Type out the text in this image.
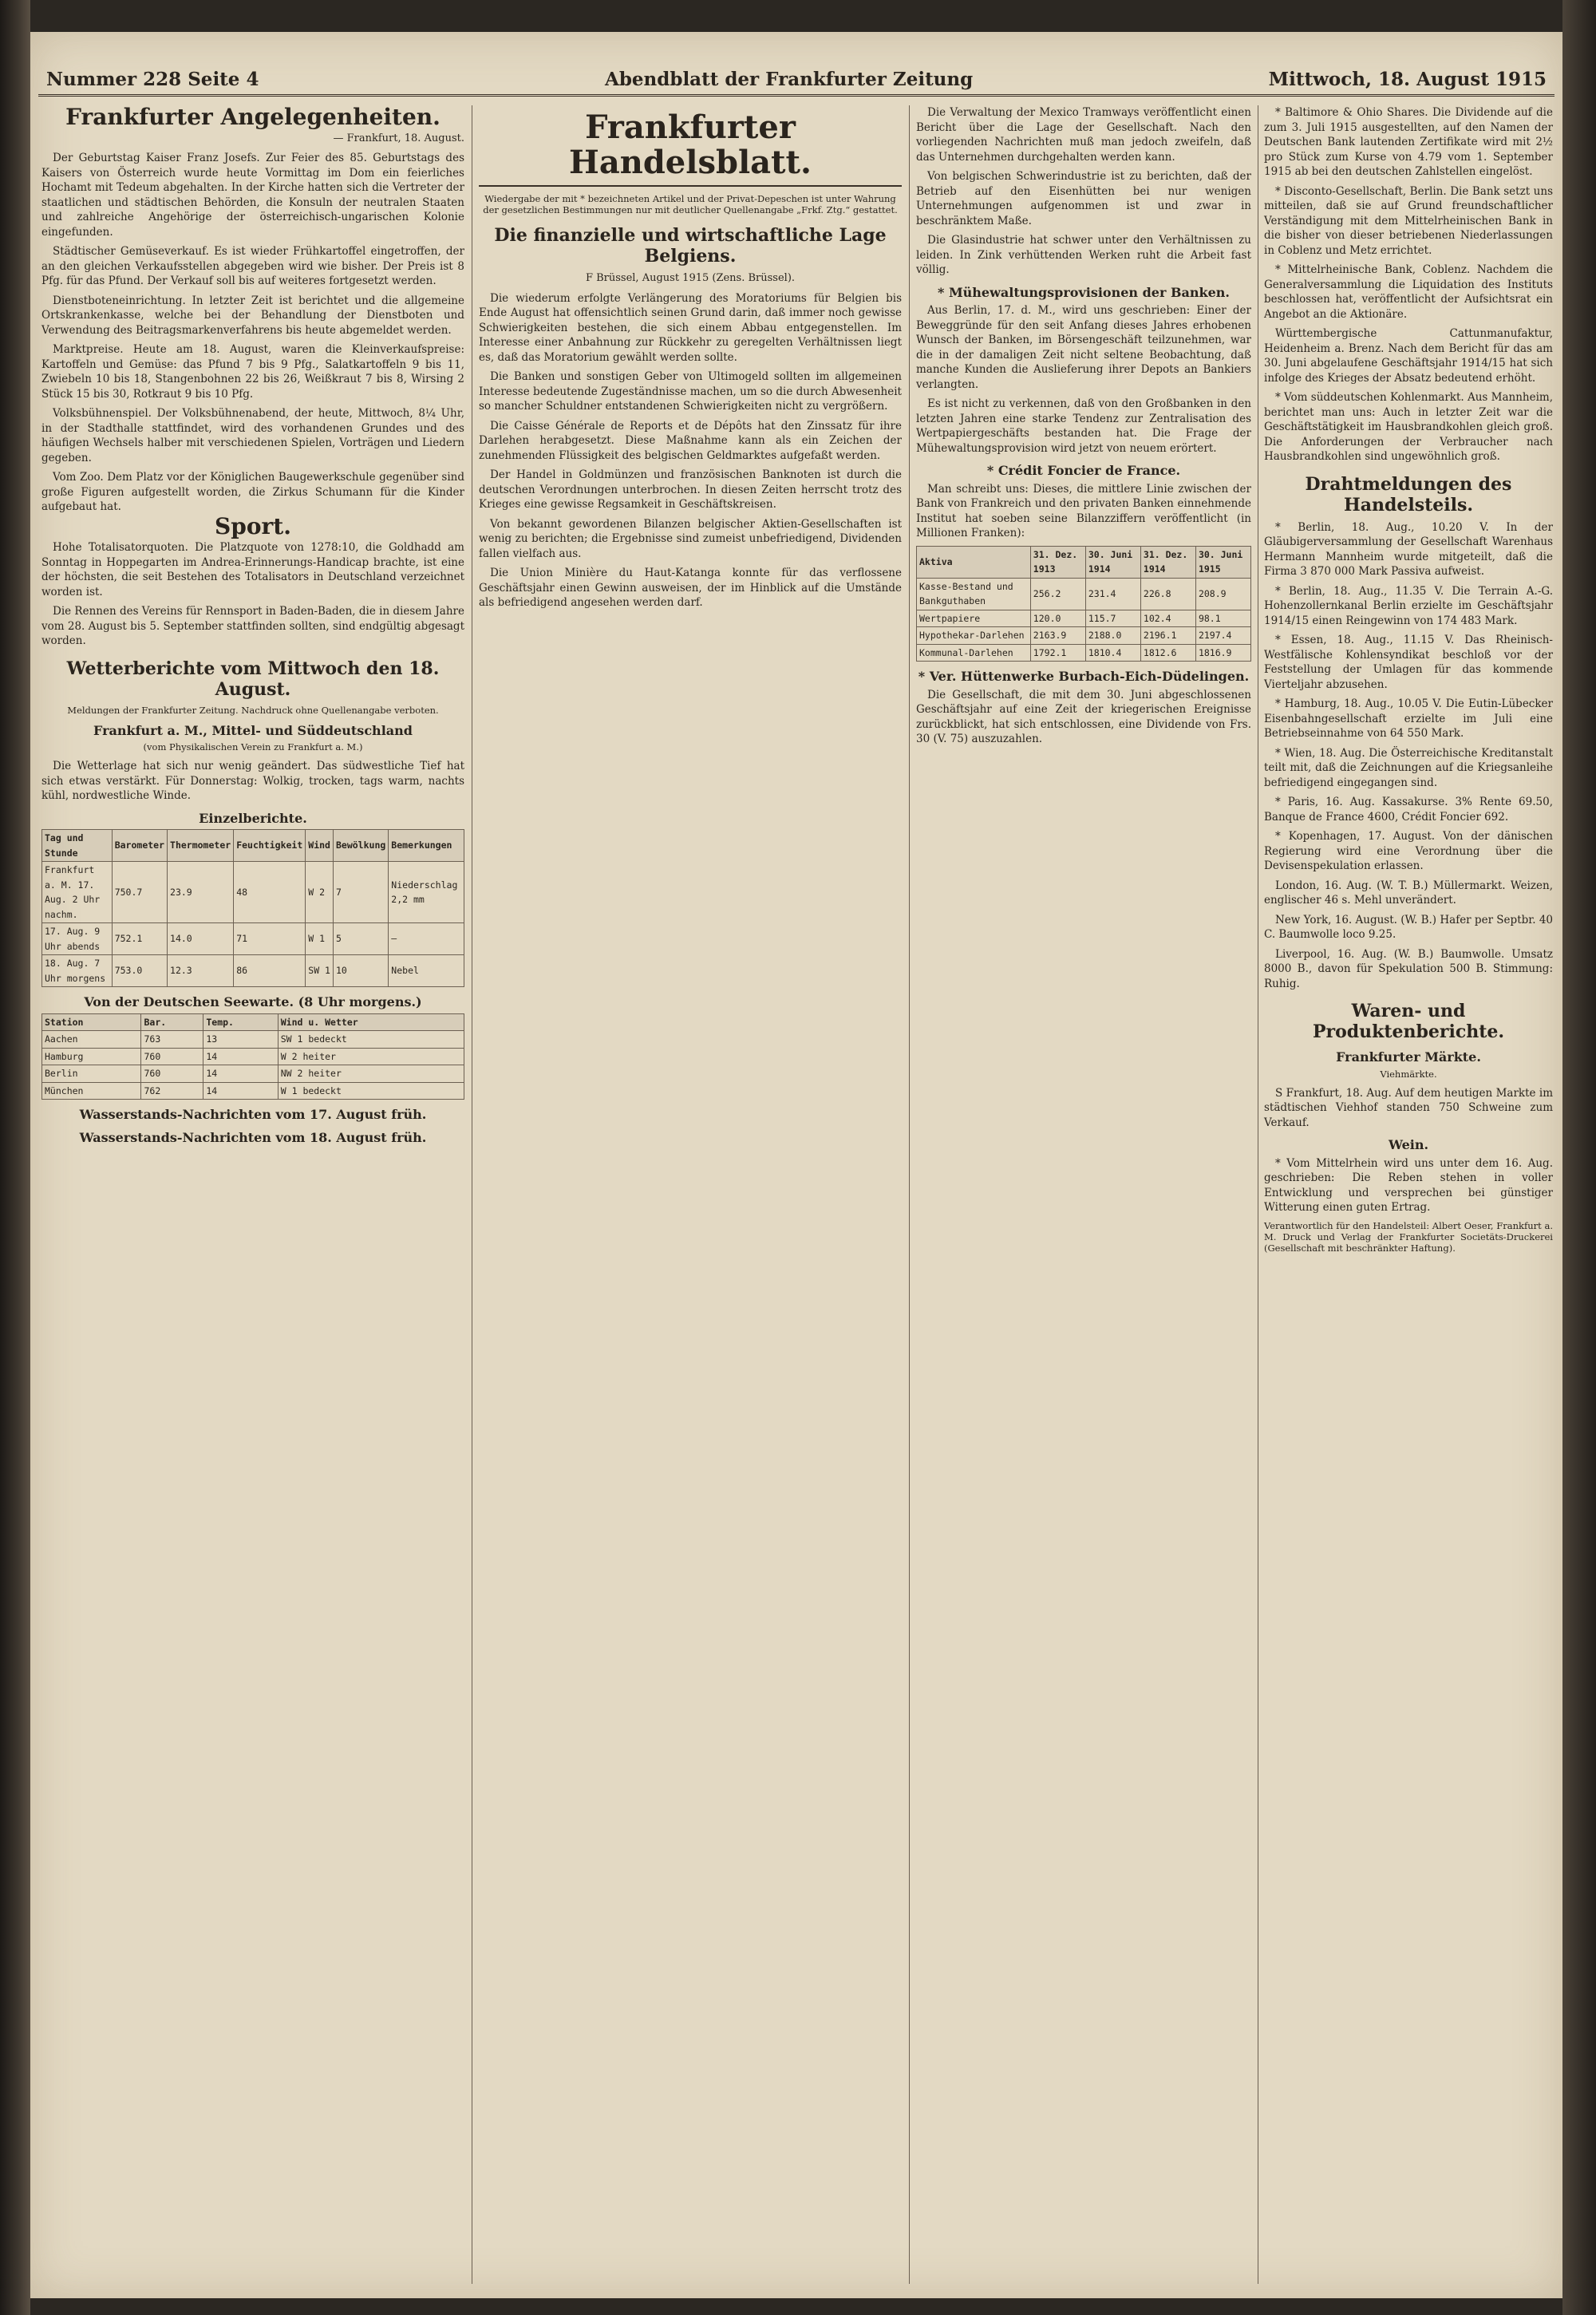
Nummer 228 Seite 4	Abendblatt der Frankfurter Zeitung	Mittwoch, 18. August 1915
Frankfurter Angelegenheiten.
— Frankfurt, 18. August.

Der Geburtstag Kaiser Franz Josefs. Zur Feier des 85. Geburtstags des Kaisers von Österreich wurde heute Vormittag im Dom ein feierliches Hochamt mit Tedeum abgehalten. In der Kirche hatten sich die Vertreter der staatlichen und städtischen Behörden, die Konsuln der neutralen Staaten und zahlreiche Angehörige der österreichisch-ungarischen Kolonie eingefunden.

Städtischer Gemüseverkauf. Es ist wieder Frühkartoffel eingetroffen, der an den gleichen Verkaufsstellen abgegeben wird wie bisher. Der Preis ist 8 Pfg. für das Pfund. Der Verkauf soll bis auf weiteres fortgesetzt werden.

Dienstboteneinrichtung. In letzter Zeit ist berichtet und die allgemeine Ortskrankenkasse, welche bei der Behandlung der Dienstboten und Verwendung des Beitragsmarkenverfahrens bis heute abgemeldet werden.

Marktpreise. Heute am 18. August, waren die Kleinverkaufspreise: Kartoffeln und Gemüse: das Pfund 7 bis 9 Pfg., Salatkartoffeln 9 bis 11, Zwiebeln 10 bis 18, Stangenbohnen 22 bis 26, Weißkraut 7 bis 8, Wirsing 2 Stück 15 bis 30, Rotkraut 9 bis 10 Pfg.

Volksbühnenspiel. Der Volksbühnenabend, der heute, Mittwoch, 8¼ Uhr, in der Stadthalle stattfindet, wird des vorhandenen Grundes und des häufigen Wechsels halber mit verschiedenen Spielen, Vorträgen und Liedern gegeben.

Vom Zoo. Dem Platz vor der Königlichen Baugewerkschule gegenüber sind große Figuren aufgestellt worden, die Zirkus Schumann für die Kinder aufgebaut hat.

Sport.

Hohe Totalisatorquoten. Die Platzquote von 1278:10, die Goldhadd am Sonntag in Hoppegarten im Andrea-Erinnerungs-Handicap brachte, ist eine der höchsten, die seit Bestehen des Totalisators in Deutschland verzeichnet worden ist.

Die Rennen des Vereins für Rennsport in Baden-Baden, die in diesem Jahre vom 28. August bis 5. September stattfinden sollten, sind endgültig abgesagt worden.

Wetterberichte vom Mittwoch den 18. August.
Meldungen der Frankfurter Zeitung. Nachdruck ohne Quellenangabe verboten.
Frankfurt a. M., Mittel- und Süddeutschland
(vom Physikalischen Verein zu Frankfurt a. M.)

Die Wetterlage hat sich nur wenig geändert. Das südwestliche Tief hat sich etwas verstärkt. Für Donnerstag: Wolkig, trocken, tags warm, nachts kühl, nordwestliche Winde.

Einzelberichte.
Tag und Stunde	Barometer	Thermometer	Feuchtigkeit	Wind	Bewölkung	Bemerkungen
Frankfurt a. M. 17. Aug. 2 Uhr nachm.	750.7	23.9	48	W 2	7	Niederschlag 2,2 mm
17. Aug. 9 Uhr abends	752.1	14.0	71	W 1	5	—
18. Aug. 7 Uhr morgens	753.0	12.3	86	SW 1	10	Nebel
Von der Deutschen Seewarte. (8 Uhr morgens.)
Station	Bar.	Temp.	Wind u. Wetter
Aachen	763	13	SW 1 bedeckt
Hamburg	760	14	W 2 heiter
Berlin	760	14	NW 2 heiter
München	762	14	W 1 bedeckt
Wasserstands-Nachrichten vom 17. August früh.
Wasserstands-Nachrichten vom 18. August früh.
Frankfurter Handelsblatt.
Wiedergabe der mit * bezeichneten Artikel und der Privat-Depeschen ist unter Wahrung der gesetzlichen Bestimmungen nur mit deutlicher Quellenangabe „Frkf. Ztg.“ gestattet.
Die finanzielle und wirtschaftliche Lage Belgiens.
F Brüssel, August 1915 (Zens. Brüssel).

Die wiederum erfolgte Verlängerung des Moratoriums für Belgien bis Ende August hat offensichtlich seinen Grund darin, daß immer noch gewisse Schwierigkeiten bestehen, die sich einem Abbau entgegenstellen. Im Interesse einer Anbahnung zur Rückkehr zu geregelten Verhältnissen liegt es, daß das Moratorium gewählt werden sollte.

Die Banken und sonstigen Geber von Ultimogeld sollten im allgemeinen Interesse bedeutende Zugeständnisse machen, um so die durch Abwesenheit so mancher Schuldner entstandenen Schwierigkeiten nicht zu vergrößern.

Die Caisse Générale de Reports et de Dépôts hat den Zinssatz für ihre Darlehen herabgesetzt. Diese Maßnahme kann als ein Zeichen der zunehmenden Flüssigkeit des belgischen Geldmarktes aufgefaßt werden.

Der Handel in Goldmünzen und französischen Banknoten ist durch die deutschen Verordnungen unterbrochen. In diesen Zeiten herrscht trotz des Krieges eine gewisse Regsamkeit in Geschäftskreisen.

Von bekannt gewordenen Bilanzen belgischer Aktien-Gesellschaften ist wenig zu berichten; die Ergebnisse sind zumeist unbefriedigend, Dividenden fallen vielfach aus.

Die Union Minière du Haut-Katanga konnte für das verflossene Geschäftsjahr einen Gewinn ausweisen, der im Hinblick auf die Umstände als befriedigend angesehen werden darf.

Die Verwaltung der Mexico Tramways veröffentlicht einen Bericht über die Lage der Gesellschaft. Nach den vorliegenden Nachrichten muß man jedoch zweifeln, daß das Unternehmen durchgehalten werden kann.

Von belgischen Schwerindustrie ist zu berichten, daß der Betrieb auf den Eisenhütten bei nur wenigen Unternehmungen aufgenommen ist und zwar in beschränktem Maße.

Die Glasindustrie hat schwer unter den Verhältnissen zu leiden. In Zink verhüttenden Werken ruht die Arbeit fast völlig.

* Mühewaltungsprovisionen der Banken.

Aus Berlin, 17. d. M., wird uns geschrieben: Einer der Beweggründe für den seit Anfang dieses Jahres erhobenen Wunsch der Banken, im Börsengeschäft teilzunehmen, war die in der damaligen Zeit nicht seltene Beobachtung, daß manche Kunden die Auslieferung ihrer Depots an Bankiers verlangten.

Es ist nicht zu verkennen, daß von den Großbanken in den letzten Jahren eine starke Tendenz zur Zentralisation des Wertpapiergeschäfts bestanden hat. Die Frage der Mühewaltungsprovision wird jetzt von neuem erörtert.

* Crédit Foncier de France.

Man schreibt uns: Dieses, die mittlere Linie zwischen der Bank von Frankreich und den privaten Banken einnehmende Institut hat soeben seine Bilanzziffern veröffentlicht (in Millionen Franken):

Aktiva	31. Dez. 1913	30. Juni 1914	31. Dez. 1914	30. Juni 1915
Kasse-Bestand und Bankguthaben	256.2	231.4	226.8	208.9
Wertpapiere	120.0	115.7	102.4	98.1
Hypothekar-Darlehen	2163.9	2188.0	2196.1	2197.4
Kommunal-Darlehen	1792.1	1810.4	1812.6	1816.9
* Ver. Hüttenwerke Burbach-Eich-Düdelingen.

Die Gesellschaft, die mit dem 30. Juni abgeschlossenen Geschäftsjahr auf eine Zeit der kriegerischen Ereignisse zurückblickt, hat sich entschlossen, eine Dividende von Frs. 30 (V. 75) auszuzahlen.

* Baltimore & Ohio Shares. Die Dividende auf die zum 3. Juli 1915 ausgestellten, auf den Namen der Deutschen Bank lautenden Zertifikate wird mit 2½ pro Stück zum Kurse von 4.79 vom 1. September 1915 ab bei den deutschen Zahlstellen eingelöst.

* Disconto-Gesellschaft, Berlin. Die Bank setzt uns mitteilen, daß sie auf Grund freundschaftlicher Verständigung mit dem Mittelrheinischen Bank in die bisher von dieser betriebenen Niederlassungen in Coblenz und Metz errichtet.

* Mittelrheinische Bank, Coblenz. Nachdem die Generalversammlung die Liquidation des Instituts beschlossen hat, veröffentlicht der Aufsichtsrat ein Angebot an die Aktionäre.

Württembergische Cattunmanufaktur, Heidenheim a. Brenz. Nach dem Bericht für das am 30. Juni abgelaufene Geschäftsjahr 1914/15 hat sich infolge des Krieges der Absatz bedeutend erhöht.

* Vom süddeutschen Kohlenmarkt. Aus Mannheim, berichtet man uns: Auch in letzter Zeit war die Geschäftstätigkeit im Hausbrandkohlen gleich groß. Die Anforderungen der Verbraucher nach Hausbrandkohlen sind ungewöhnlich groß.

Drahtmeldungen des Handelsteils.

* Berlin, 18. Aug., 10.20 V. In der Gläubigerversammlung der Gesellschaft Warenhaus Hermann Mannheim wurde mitgeteilt, daß die Firma 3 870 000 Mark Passiva aufweist.

* Berlin, 18. Aug., 11.35 V. Die Terrain A.-G. Hohenzollernkanal Berlin erzielte im Geschäftsjahr 1914/15 einen Reingewinn von 174 483 Mark.

* Essen, 18. Aug., 11.15 V. Das Rheinisch-Westfälische Kohlensyndikat beschloß vor der Feststellung der Umlagen für das kommende Vierteljahr abzusehen.

* Hamburg, 18. Aug., 10.05 V. Die Eutin-Lübecker Eisenbahngesellschaft erzielte im Juli eine Betriebseinnahme von 64 550 Mark.

* Wien, 18. Aug. Die Österreichische Kreditanstalt teilt mit, daß die Zeichnungen auf die Kriegsanleihe befriedigend eingegangen sind.

* Paris, 16. Aug. Kassakurse. 3% Rente 69.50, Banque de France 4600, Crédit Foncier 692.

* Kopenhagen, 17. August. Von der dänischen Regierung wird eine Verordnung über die Devisenspekulation erlassen.

London, 16. Aug. (W. T. B.) Müllermarkt. Weizen, englischer 46 s. Mehl unverändert.

New York, 16. August. (W. B.) Hafer per Septbr. 40 C. Baumwolle loco 9.25.

Liverpool, 16. Aug. (W. B.) Baumwolle. Umsatz 8000 B., davon für Spekulation 500 B. Stimmung: Ruhig.

Waren- und Produktenberichte.
Frankfurter Märkte.
Viehmärkte.

S Frankfurt, 18. Aug. Auf dem heutigen Markte im städtischen Viehhof standen 750 Schweine zum Verkauf.

Wein.

* Vom Mittelrhein wird uns unter dem 16. Aug. geschrieben: Die Reben stehen in voller Entwicklung und versprechen bei günstiger Witterung einen guten Ertrag.

Verantwortlich für den Handelsteil: Albert Oeser, Frankfurt a. M. Druck und Verlag der Frankfurter Societäts-Druckerei (Gesellschaft mit beschränkter Haftung).
